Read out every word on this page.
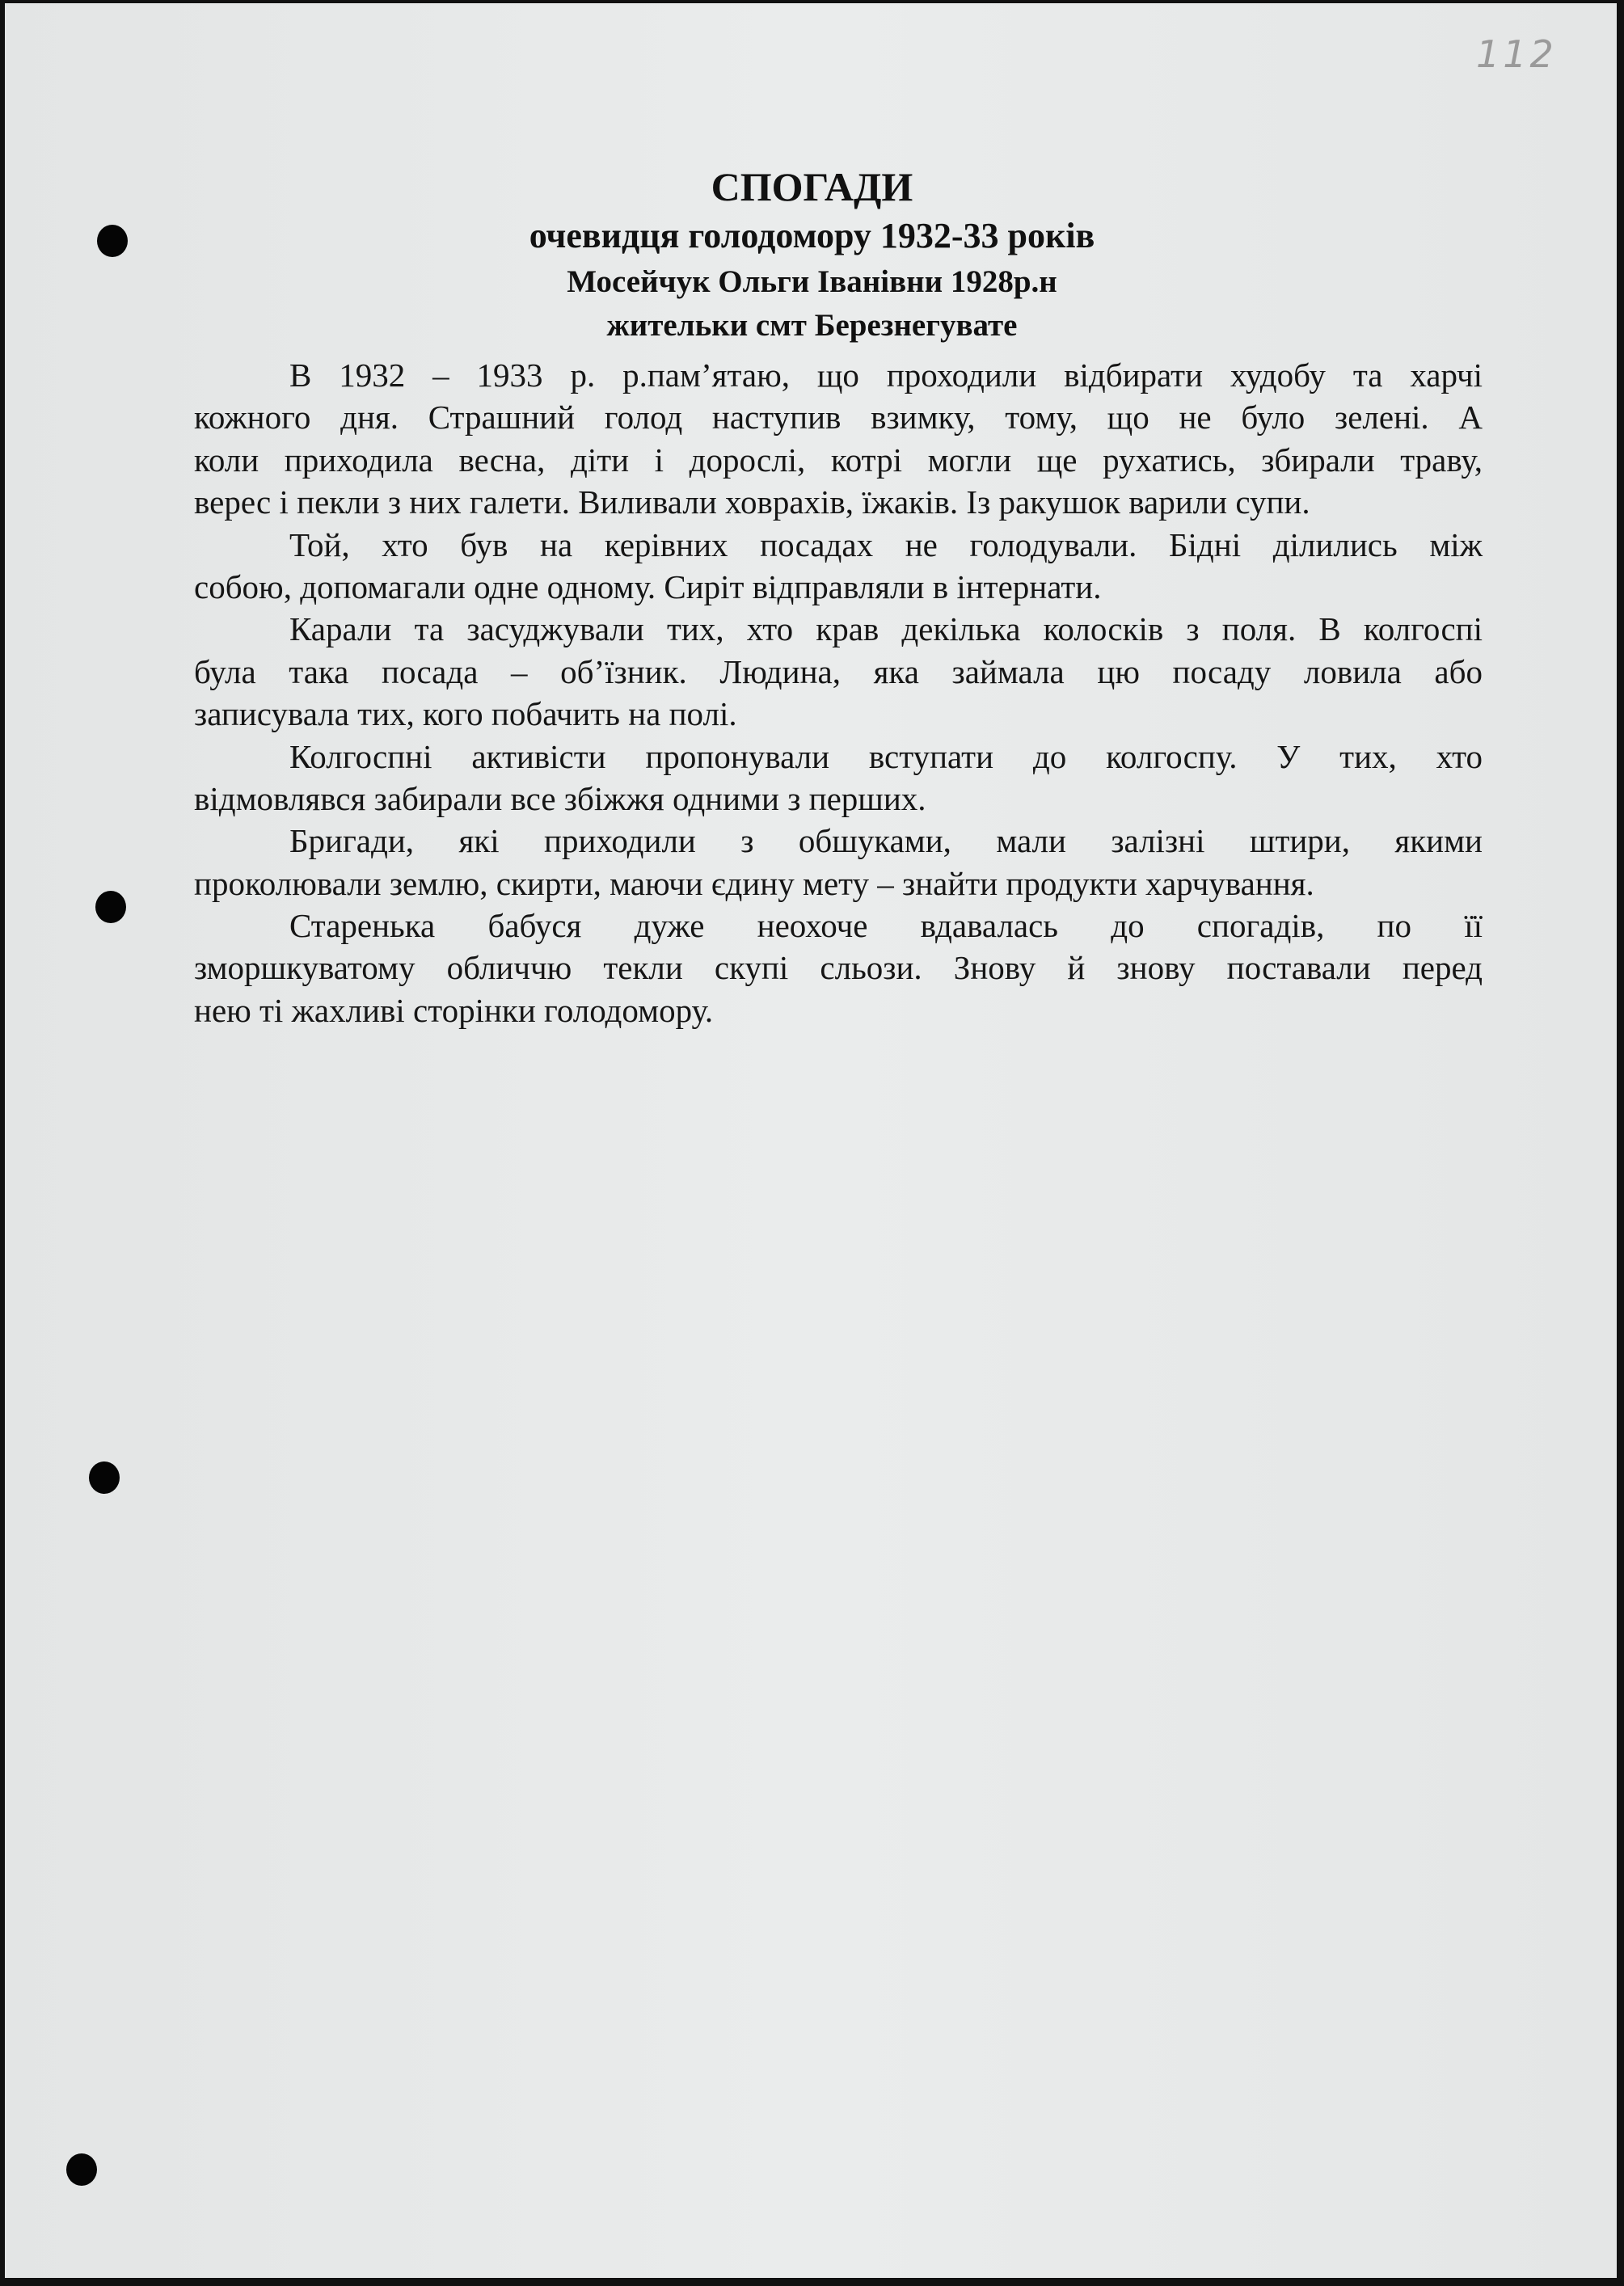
112
СПОГАДИ
очевидця голодомору 1932-33 років
Мосейчук Ольги Іванівни 1928р.н
жительки смт Березнегувате
В 1932 – 1933 р. р.пам’ятаю, що проходили відбирати худобу та харчі
кожного дня. Страшний голод наступив взимку, тому, що не було зелені. А
коли приходила весна, діти і дорослі, котрі могли ще рухатись, збирали траву,
верес і пекли з них галети. Виливали ховрахів, їжаків. Із ракушок варили супи.
Той, хто був на керівних посадах не голодували. Бідні ділились між
собою, допомагали одне одному. Сиріт відправляли в інтернати.
Карали та засуджували тих, хто крав декілька колосків з поля. В колгоспі
була така посада – об’їзник. Людина, яка займала цю посаду ловила або
записувала тих, кого побачить на полі.
Колгоспні активісти пропонували вступати до колгоспу. У тих, хто
відмовлявся забирали все збіжжя одними з перших.
Бригади, які приходили з обшуками, мали залізні штири, якими
проколювали землю, скирти, маючи єдину мету – знайти продукти харчування.
Старенька бабуся дуже неохоче вдавалась до спогадів, по її
зморшкуватому обличчю текли скупі сльози. Знову й знову поставали перед
нею ті жахливі сторінки голодомору.
